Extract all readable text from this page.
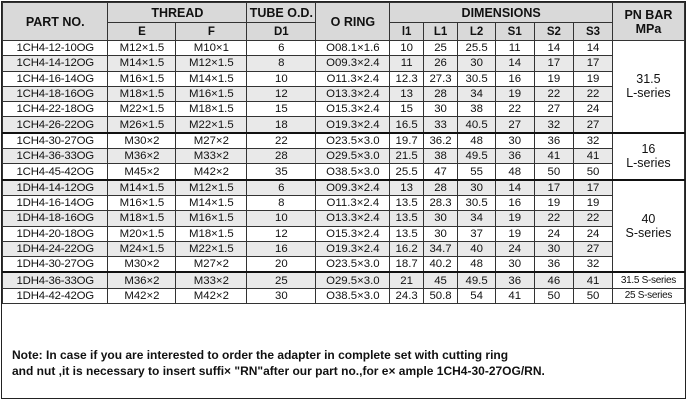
PART NO.	THREAD		TUBE O.D.	O RING	DIMENSIONS						PN BAR
MPa

	E	F	D1		l1	L1	L2	S1	S2	S3	
1CH4-12-10OG	M12×1.5	M10×1	6	O08.1×1.6	10	25	25.5	11	14	14	31.5
L-series

1CH4-14-12OG	M14×1.5	M12×1.5	8	O09.3×2.4	11	26	30	14	17	17	
1CH4-16-14OG	M16×1.5	M14×1.5	10	O11.3×2.4	12.3	27.3	30.5	16	19	19	
1CH4-18-16OG	M18×1.5	M16×1.5	12	O13.3×2.4	13	28	34	19	22	22	
1CH4-22-18OG	M22×1.5	M18×1.5	15	O15.3×2.4	15	30	38	22	27	24	
1CH4-26-22OG	M26×1.5	M22×1.5	18	O19.3×2.4	16.5	33	40.5	27	32	27	
1CH4-30-27OG	M30×2	M27×2	22	O23.5×3.0	19.7	36.2	48	30	36	32	16
L-series

1CH4-36-33OG	M36×2	M33×2	28	O29.5×3.0	21.5	38	49.5	36	41	41	
1CH4-45-42OG	M45×2	M42×2	35	O38.5×3.0	25.5	47	55	48	50	50	
1DH4-14-12OG	M14×1.5	M12×1.5	6	O09.3×2.4	13	28	30	14	17	17	40
S-series

1DH4-16-14OG	M16×1.5	M14×1.5	8	O11.3×2.4	13.5	28.3	30.5	16	19	19	
1DH4-18-16OG	M18×1.5	M16×1.5	10	O13.3×2.4	13.5	30	34	19	22	22	
1DH4-20-18OG	M20×1.5	M18×1.5	12	O15.3×2.4	13.5	30	37	19	24	24	
1DH4-24-22OG	M24×1.5	M22×1.5	16	O19.3×2.4	16.2	34.7	40	24	30	27	
1DH4-30-27OG	M30×2	M27×2	20	O23.5×3.0	18.7	40.2	48	30	36	32	
1DH4-36-33OG	M36×2	M33×2	25	O29.5×3.0	21	45	49.5	36	46	41	31.5 S-series

1DH4-42-42OG	M42×2	M42×2	30	O38.5×3.0	24.3	50.8	54	41	50	50	25 S-series
Note: In case if you are interested to order the adapter in complete set with cutting ring
and nut ,it is necessary to insert suffi× "RN"after our part no.,for e× ample 1CH4-30-27OG/RN.
